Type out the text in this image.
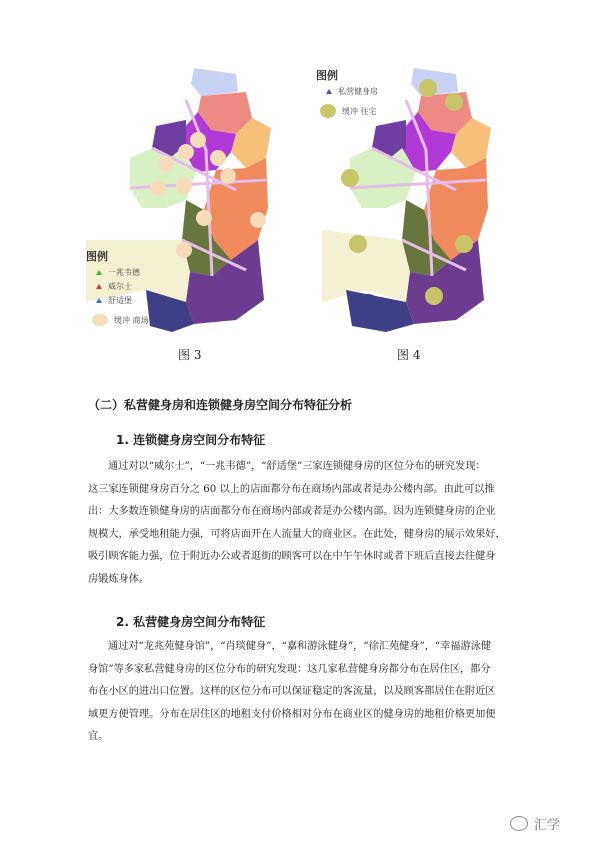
图例
一兆韦德
威尔士
舒适堡
缓冲 商场
图例
私营健身房
缓冲 住宅
图 3	图 4
（二）私营健身房和连锁健身房空间分布特征分析
1. 连锁健身房空间分布特征
通过对以“威尔士”，“一兆韦德”，“舒适堡”三家连锁健身房的区位分布的研究发现：
这三家连锁健身房百分之 60 以上的店面都分布在商场内部或者是办公楼内部。由此可以推
出：大多数连锁健身房的店面都分布在商场内部或者是办公楼内部。因为连锁健身房的企业
规模大，承受地租能力强，可将店面开在人流量大的商业区。在此处，健身房的展示效果好，
吸引顾客能力强，位于附近办公或者逛街的顾客可以在中午午休时或者下班后直接去往健身
房锻炼身体。
2. 私营健身房空间分布特征
通过对“龙兆苑健身馆”，“肖琰健身”，“嘉和游泳健身”，“徐汇苑健身”，“幸福游泳健
身馆”等多家私营健身房的区位分布的研究发现：这几家私营健身房都分布在居住区，都分
布在小区的进出口位置。这样的区位分布可以保证稳定的客流量，以及顾客都居住在附近区
域更方便管理。分布在居住区的地租支付价格相对分布在商业区的健身房的地租价格更加便
宜。
汇学
